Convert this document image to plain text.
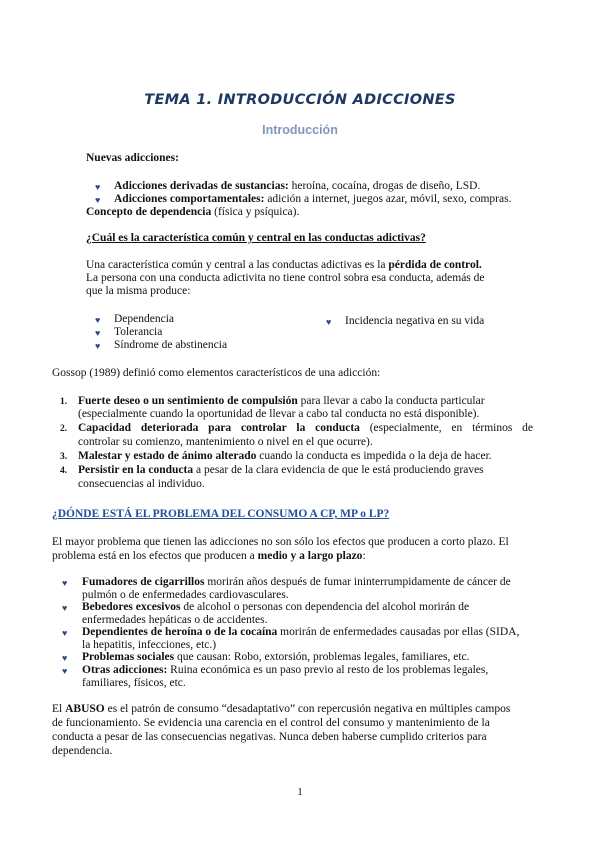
TEMA 1. INTRODUCCIÓN ADICCIONES
Introducción
Nuevas adicciones:
♥ Adicciones derivadas de sustancias: heroína, cocaína, drogas de diseño, LSD.
♥ Adicciones comportamentales: adición a internet, juegos azar, móvil, sexo, compras.
Concepto de dependencia (física y psíquica).
¿Cuál es la característica común y central en las conductas adictivas?
Una característica común y central a las conductas adictivas es la pérdida de control.
La persona con una conducta adictivita no tiene control sobra esa conducta, además de
que la misma produce:
♥ Dependencia
♥ Tolerancia
♥ Síndrome de abstinencia
♥ Incidencia negativa en su vida
Gossop (1989) definió como elementos característicos de una adicción:
1. Fuerte deseo o un sentimiento de compulsión para llevar a cabo la conducta particular
(especialmente cuando la oportunidad de llevar a cabo tal conducta no está disponible).
2. Capacidad deteriorada para controlar la conducta (especialmente, en términos de
controlar su comienzo, mantenimiento o nivel en el que ocurre).
3. Malestar y estado de ánimo alterado cuando la conducta es impedida o la deja de hacer.
4. Persistir en la conducta a pesar de la clara evidencia de que le está produciendo graves
consecuencias al individuo.
¿DÓNDE ESTÁ EL PROBLEMA DEL CONSUMO A CP, MP o LP?
El mayor problema que tienen las adicciones no son sólo los efectos que producen a corto plazo. El
problema está en los efectos que producen a medio y a largo plazo:
♥ Fumadores de cigarrillos morirán años después de fumar ininterrumpidamente de cáncer de
pulmón o de enfermedades cardiovasculares.
♥ Bebedores excesivos de alcohol o personas con dependencia del alcohol morirán de
enfermedades hepáticas o de accidentes.
♥ Dependientes de heroína o de la cocaína morirán de enfermedades causadas por ellas (SIDA,
la hepatitis, infecciones, etc.)
♥ Problemas sociales que causan: Robo, extorsión, problemas legales, familiares, etc.
♥ Otras adicciones: Ruina económica es un paso previo al resto de los problemas legales,
familiares, físicos, etc.
El ABUSO es el patrón de consumo “desadaptativo” con repercusión negativa en múltiples campos
de funcionamiento. Se evidencia una carencia en el control del consumo y mantenimiento de la
conducta a pesar de las consecuencias negativas. Nunca deben haberse cumplido criterios para
dependencia.
1
